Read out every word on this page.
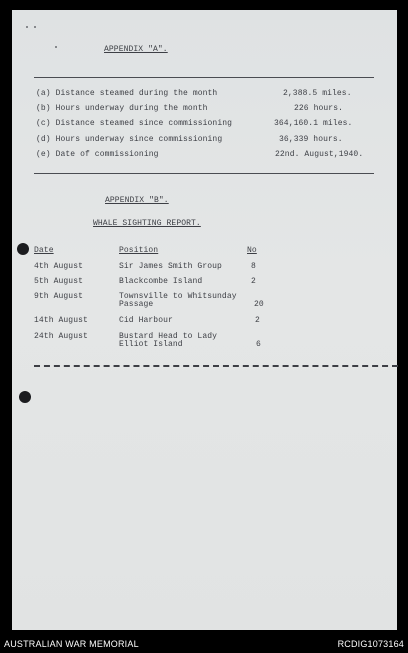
APPENDIX "A".
(a) Distance steamed during the month	2,388.5 miles.
(b) Hours underway during the month	226 hours.
(c) Distance steamed since commissioning	364,160.1 miles.
(d) Hours underway since commissioning	36,339 hours.
(e) Date of commissioning	22nd. August,1940.
APPENDIX "B".
WHALE SIGHTING REPORT.
Date	Position	No
4th August	Sir James Smith Group	8
5th August	Blackcombe Island	2
9th August	Townsville to Whitsunday
Passage	20
14th August	Cid Harbour	2
24th August	Bustard Head to Lady
Elliot Island	6
AUSTRALIAN WAR MEMORIAL	RCDIG1073164
